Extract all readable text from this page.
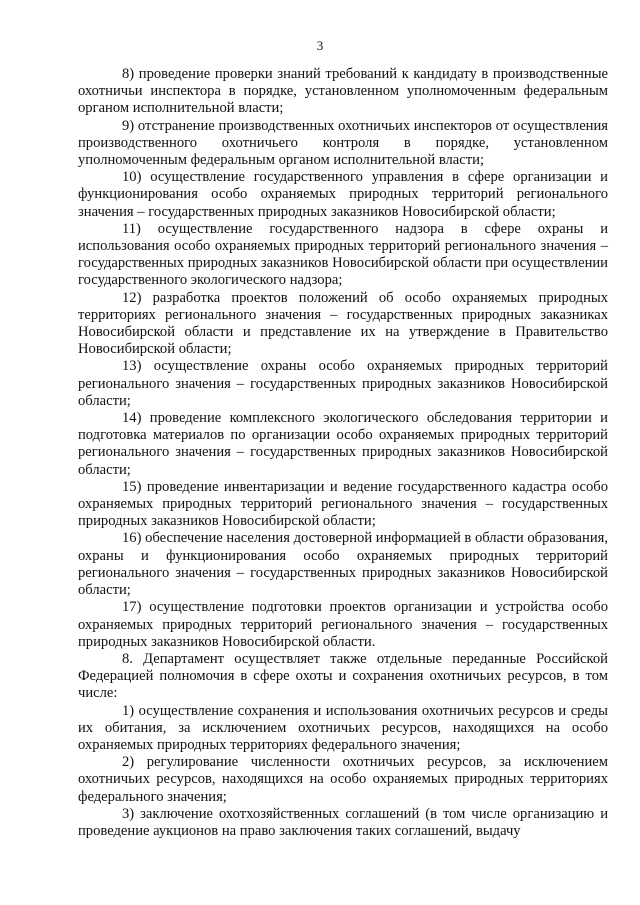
3

8) проведение проверки знаний требований к кандидату в производственные охотничьи инспектора в порядке, установленном уполномоченным федеральным органом исполнительной власти;

9) отстранение производственных охотничьих инспекторов от осуществления производственного охотничьего контроля в порядке, установленном уполномоченным федеральным органом исполнительной власти;

10) осуществление государственного управления в сфере организации и функционирования особо охраняемых природных территорий регионального значения – государственных природных заказников Новосибирской области;

11) осуществление государственного надзора в сфере охраны и использования особо охраняемых природных территорий регионального значения – государственных природных заказников Новосибирской области при осуществлении государственного экологического надзора;

12) разработка проектов положений об особо охраняемых природных территориях регионального значения – государственных природных заказниках Новосибирской области и представление их на утверждение в Правительство Новосибирской области;

13) осуществление охраны особо охраняемых природных территорий регионального значения – государственных природных заказников Новосибирской области;

14) проведение комплексного экологического обследования территории и подготовка материалов по организации особо охраняемых природных территорий регионального значения – государственных природных заказников Новосибирской области;

15) проведение инвентаризации и ведение государственного кадастра особо охраняемых природных территорий регионального значения – государственных природных заказников Новосибирской области;

16) обеспечение населения достоверной информацией в области образования, охраны и функционирования особо охраняемых природных территорий регионального значения – государственных природных заказников Новосибирской области;

17) осуществление подготовки проектов организации и устройства особо охраняемых природных территорий регионального значения – государственных природных заказников Новосибирской области.

8. Департамент осуществляет также отдельные переданные Российской Федерацией полномочия в сфере охоты и сохранения охотничьих ресурсов, в том числе:

1) осуществление сохранения и использования охотничьих ресурсов и среды их обитания, за исключением охотничьих ресурсов, находящихся на особо охраняемых природных территориях федерального значения;

2) регулирование численности охотничьих ресурсов, за исключением охотничьих ресурсов, находящихся на особо охраняемых природных территориях федерального значения;

3) заключение охотхозяйственных соглашений (в том числе организацию и проведение аукционов на право заключения таких соглашений, выдачу
